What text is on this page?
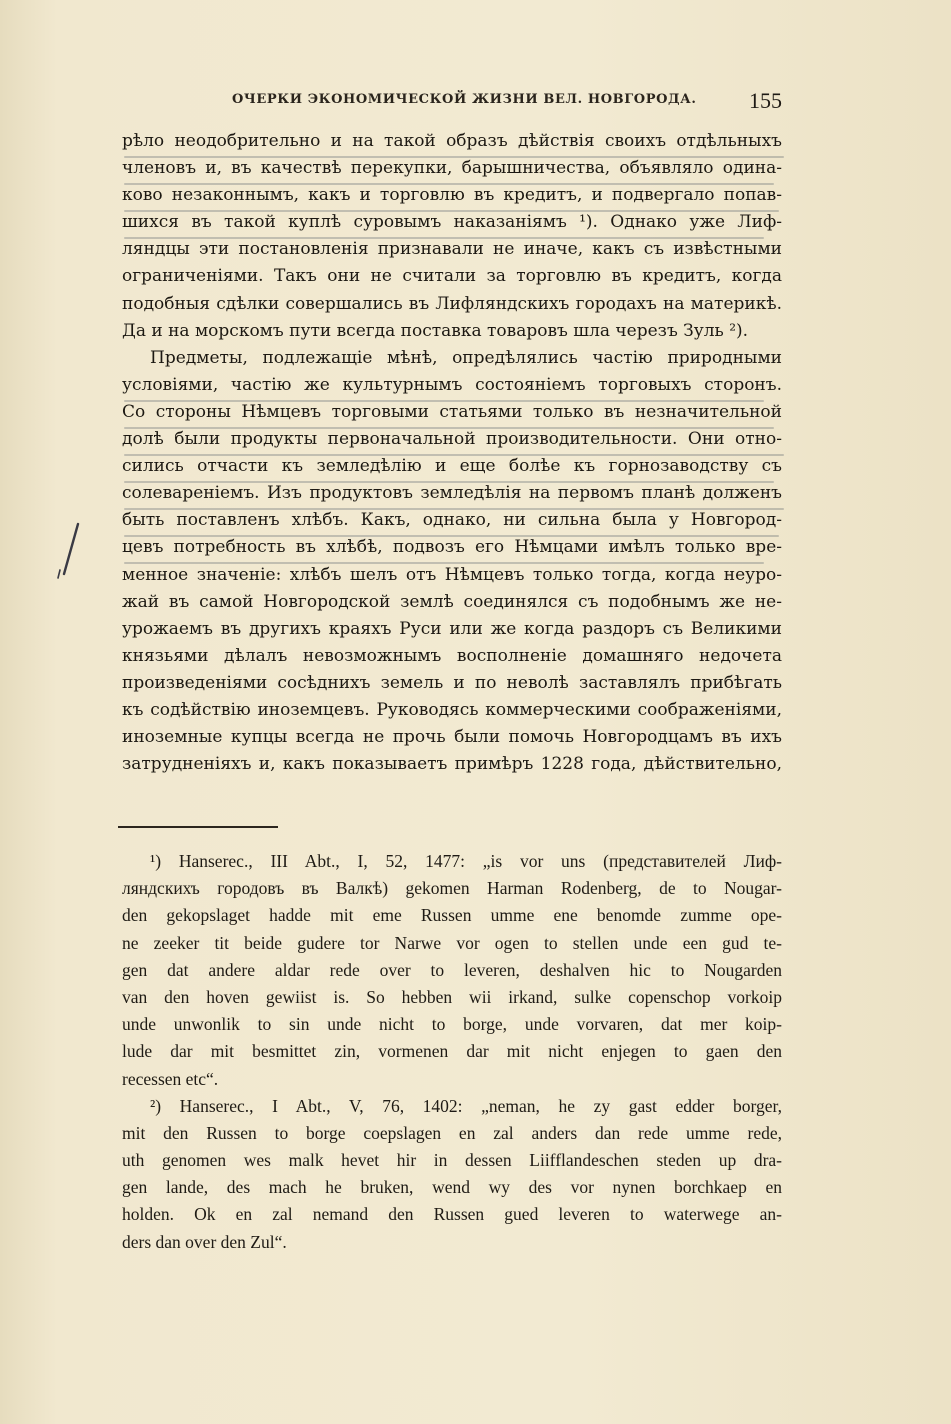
ОЧЕРКИ ЭКОНОМИЧЕСКОЙ ЖИЗНИ ВЕЛ. НОВГОРОДА. 155
рѣло неодобрительно и на такой образъ дѣйствія своихъ отдѣльныхъ
членовъ и, въ качествѣ перекупки, барышничества, объявляло одина-
ково незаконнымъ, какъ и торговлю въ кредитъ, и подвергало попав-
шихся въ такой куплѣ суровымъ наказаніямъ ¹). Однако уже Лиф-
ляндцы эти постановленія признавали не иначе, какъ съ извѣстными
ограниченіями. Такъ они не считали за торговлю въ кредитъ, когда
подобныя сдѣлки совершались въ Лифляндскихъ городахъ на материкѣ.
Да и на морскомъ пути всегда поставка товаровъ шла черезъ Зуль ²).
Предметы, подлежащіе мѣнѣ, опредѣлялись частію природными
условіями, частію же культурнымъ состояніемъ торговыхъ сторонъ.
Со стороны Нѣмцевъ торговыми статьями только въ незначительной
долѣ были продукты первоначальной производительности. Они отно-
сились отчасти къ земледѣлію и еще болѣе къ горнозаводству съ
солевареніемъ. Изъ продуктовъ земледѣлія на первомъ планѣ долженъ
быть поставленъ хлѣбъ. Какъ, однако, ни сильна была у Новгород-
цевъ потребность въ хлѣбѣ, подвозъ его Нѣмцами имѣлъ только вре-
менное значеніе: хлѣбъ шелъ отъ Нѣмцевъ только тогда, когда неуро-
жай въ самой Новгородской землѣ соединялся съ подобнымъ же не-
урожаемъ въ другихъ краяхъ Руси или же когда раздоръ съ Великими
князьями дѣлалъ невозможнымъ восполненіе домашняго недочета
произведеніями сосѣднихъ земель и по неволѣ заставлялъ прибѣгать
къ содѣйствію иноземцевъ. Руководясь коммерческими соображеніями,
иноземные купцы всегда не прочь были помочь Новгородцамъ въ ихъ
затрудненіяхъ и, какъ показываетъ примѣръ 1228 года, дѣйствительно,
¹) Hanserec., III Abt., I, 52, 1477: „is vor uns (представителей Лиф-
ляндскихъ городовъ въ Валкѣ) gekomen Harman Rodenberg, de to Nougar-
den gekopslaget hadde mit eme Russen umme ene benomde zumme ope-
ne zeeker tit beide gudere tor Narwe vor ogen to stellen unde een gud te-
gen dat andere aldar rede over to leveren, deshalven hic to Nougarden
van den hoven gewiist is. So hebben wii irkand, sulke copenschop vorkoip
unde unwonlik to sin unde nicht to borge, unde vorvaren, dat mer koip-
lude dar mit besmittet zin, vormenen dar mit nicht enjegen to gaen den
recessen etc“.
²) Hanserec., I Abt., V, 76, 1402: „neman, he zy gast edder borger,
mit den Russen to borge coepslagen en zal anders dan rede umme rede,
uth genomen wes malk hevet hir in dessen Liifflandeschen steden up dra-
gen lande, des mach he bruken, wend wy des vor nynen borchkaep en
holden. Ok en zal nemand den Russen gued leveren to waterwege an-
ders dan over den Zul“.
